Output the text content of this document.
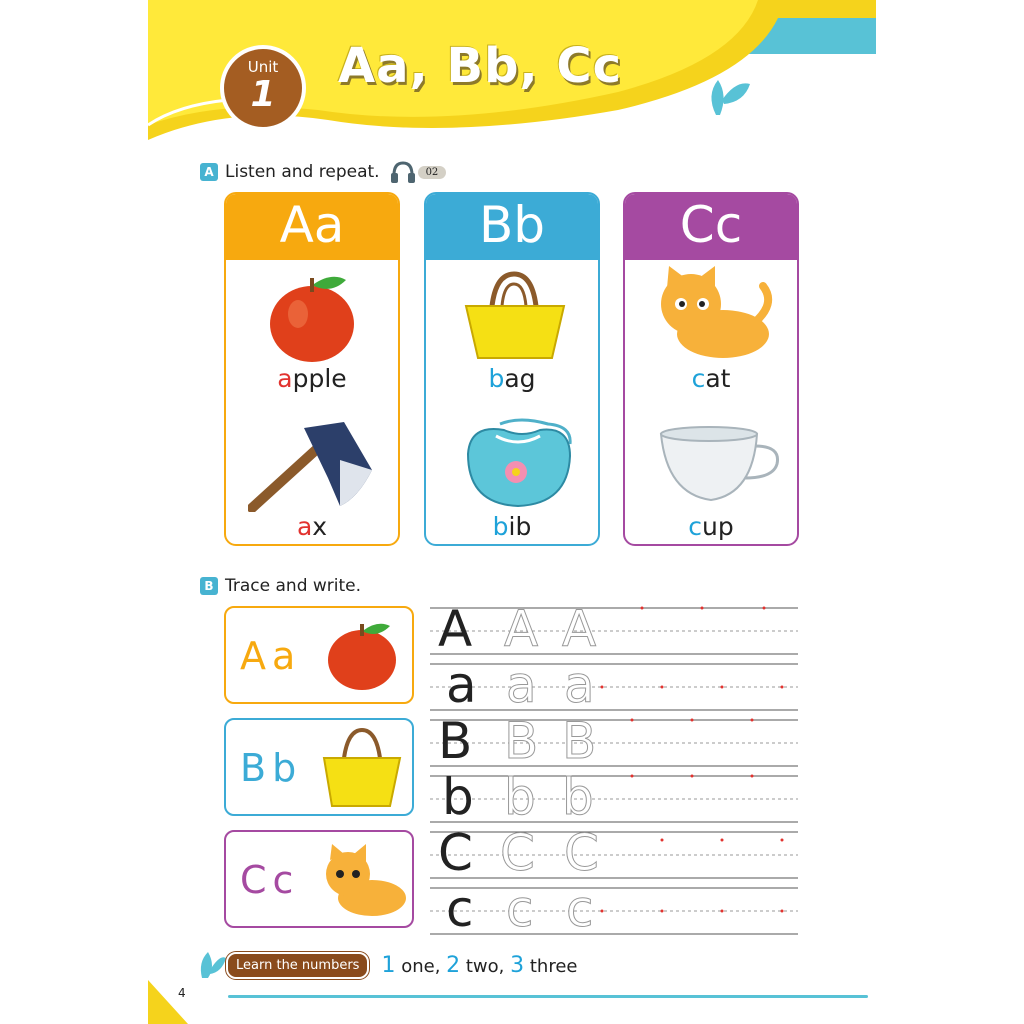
Unit
1
Aa, Bb, Cc
A Listen and repeat.	02
Aa
apple
ax
Bb
bag
bib
Cc
cat
cup
B Trace and write.
Aa
Bb
Cc
A A A
a a a
B B B
b b b
C C C
c c c
Learn the numbers	1 one, 2 two, 3 three
4
